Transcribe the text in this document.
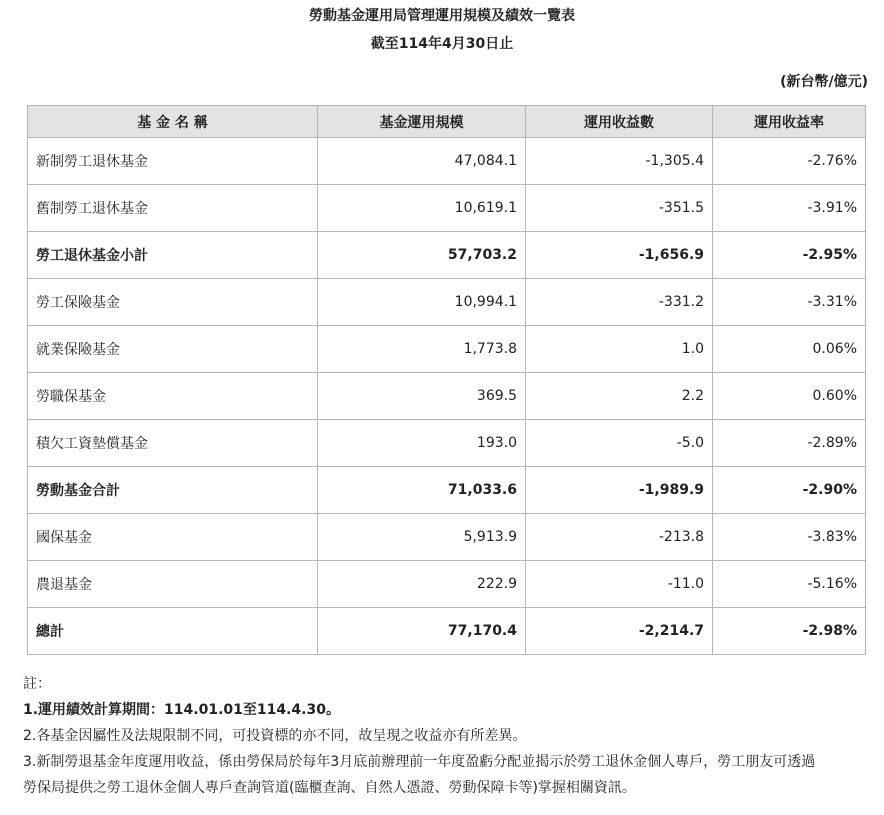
勞動基金運用局管理運用規模及績效一覽表
截至114年4月30日止
(新台幣/億元)
基 金 名 稱	基金運用規模	運用收益數	運用收益率
新制勞工退休基金	47,084.1	-1,305.4	-2.76%
舊制勞工退休基金	10,619.1	-351.5	-3.91%
勞工退休基金小計	57,703.2	-1,656.9	-2.95%
勞工保險基金	10,994.1	-331.2	-3.31%
就業保險基金	1,773.8	1.0	0.06%
勞職保基金	369.5	2.2	0.60%
積欠工資墊償基金	193.0	-5.0	-2.89%
勞動基金合計	71,033.6	-1,989.9	-2.90%
國保基金	5,913.9	-213.8	-3.83%
農退基金	222.9	-11.0	-5.16%
總計	77,170.4	-2,214.7	-2.98%
註：
1.運用績效計算期間：114.01.01至114.4.30。
2.各基金因屬性及法規限制不同，可投資標的亦不同，故呈現之收益亦有所差異。
3.新制勞退基金年度運用收益，係由勞保局於每年3月底前辦理前一年度盈虧分配並揭示於勞工退休金個人專戶，勞工朋友可透過
勞保局提供之勞工退休金個人專戶查詢管道(臨櫃查詢、自然人憑證、勞動保障卡等)掌握相關資訊。
